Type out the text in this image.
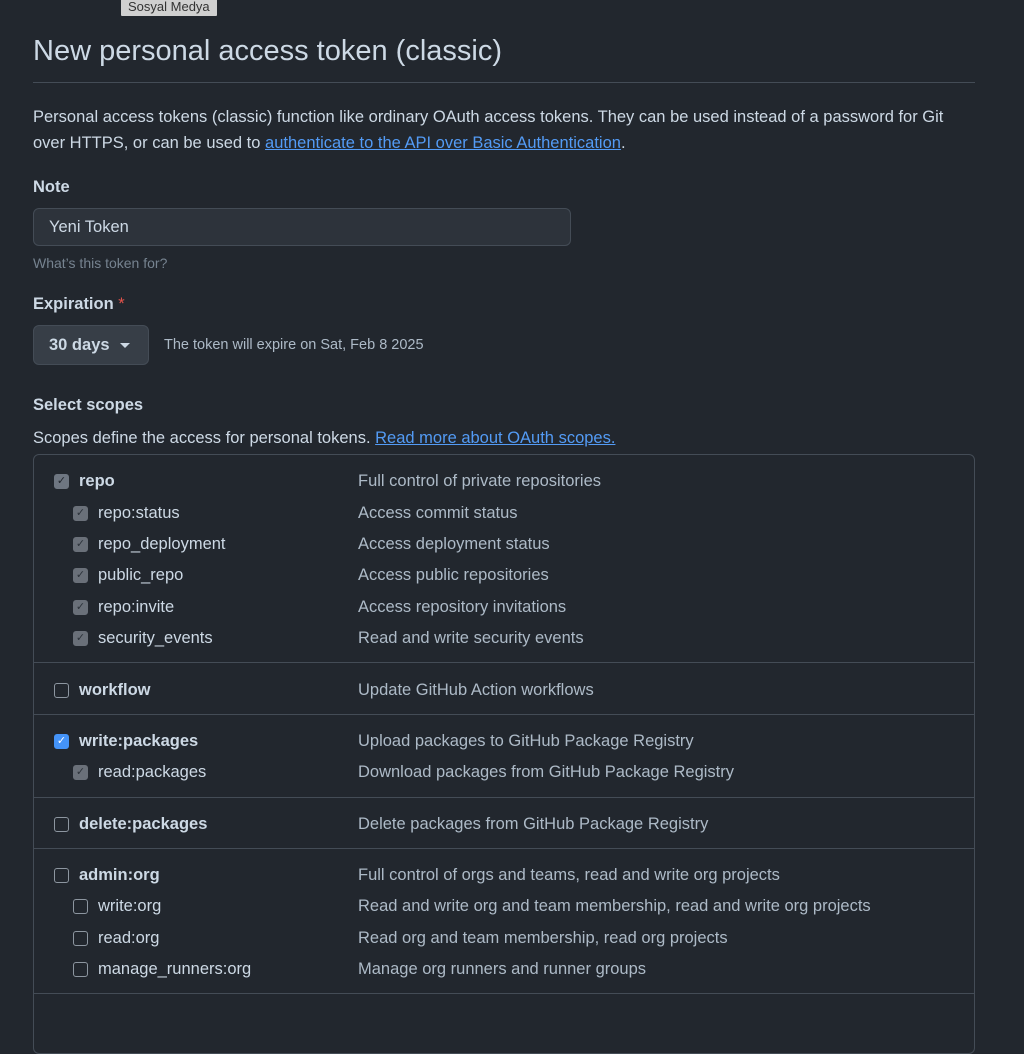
Sosyal Medya
New personal access token (classic)

Personal access tokens (classic) function like ordinary OAuth access tokens. They can be used instead of a password for Git over HTTPS, or can be used to authenticate to the API over Basic Authentication.

Note
Yeni Token
What’s this token for?
Expiration *
30 days	The token will expire on Sat, Feb 8 2025
Select scopes
Scopes define the access for personal tokens. Read more about OAuth scopes.
✓ repo	Full control of private repositories
✓ repo:status	Access commit status
✓ repo_deployment	Access deployment status
✓ public_repo	Access public repositories
✓ repo:invite	Access repository invitations
✓ security_events	Read and write security events
workflow	Update GitHub Action workflows
✓ write:packages	Upload packages to GitHub Package Registry
✓ read:packages	Download packages from GitHub Package Registry
delete:packages	Delete packages from GitHub Package Registry
admin:org	Full control of orgs and teams, read and write org projects
write:org	Read and write org and team membership, read and write org projects
read:org	Read org and team membership, read org projects
manage_runners:org	Manage org runners and runner groups
